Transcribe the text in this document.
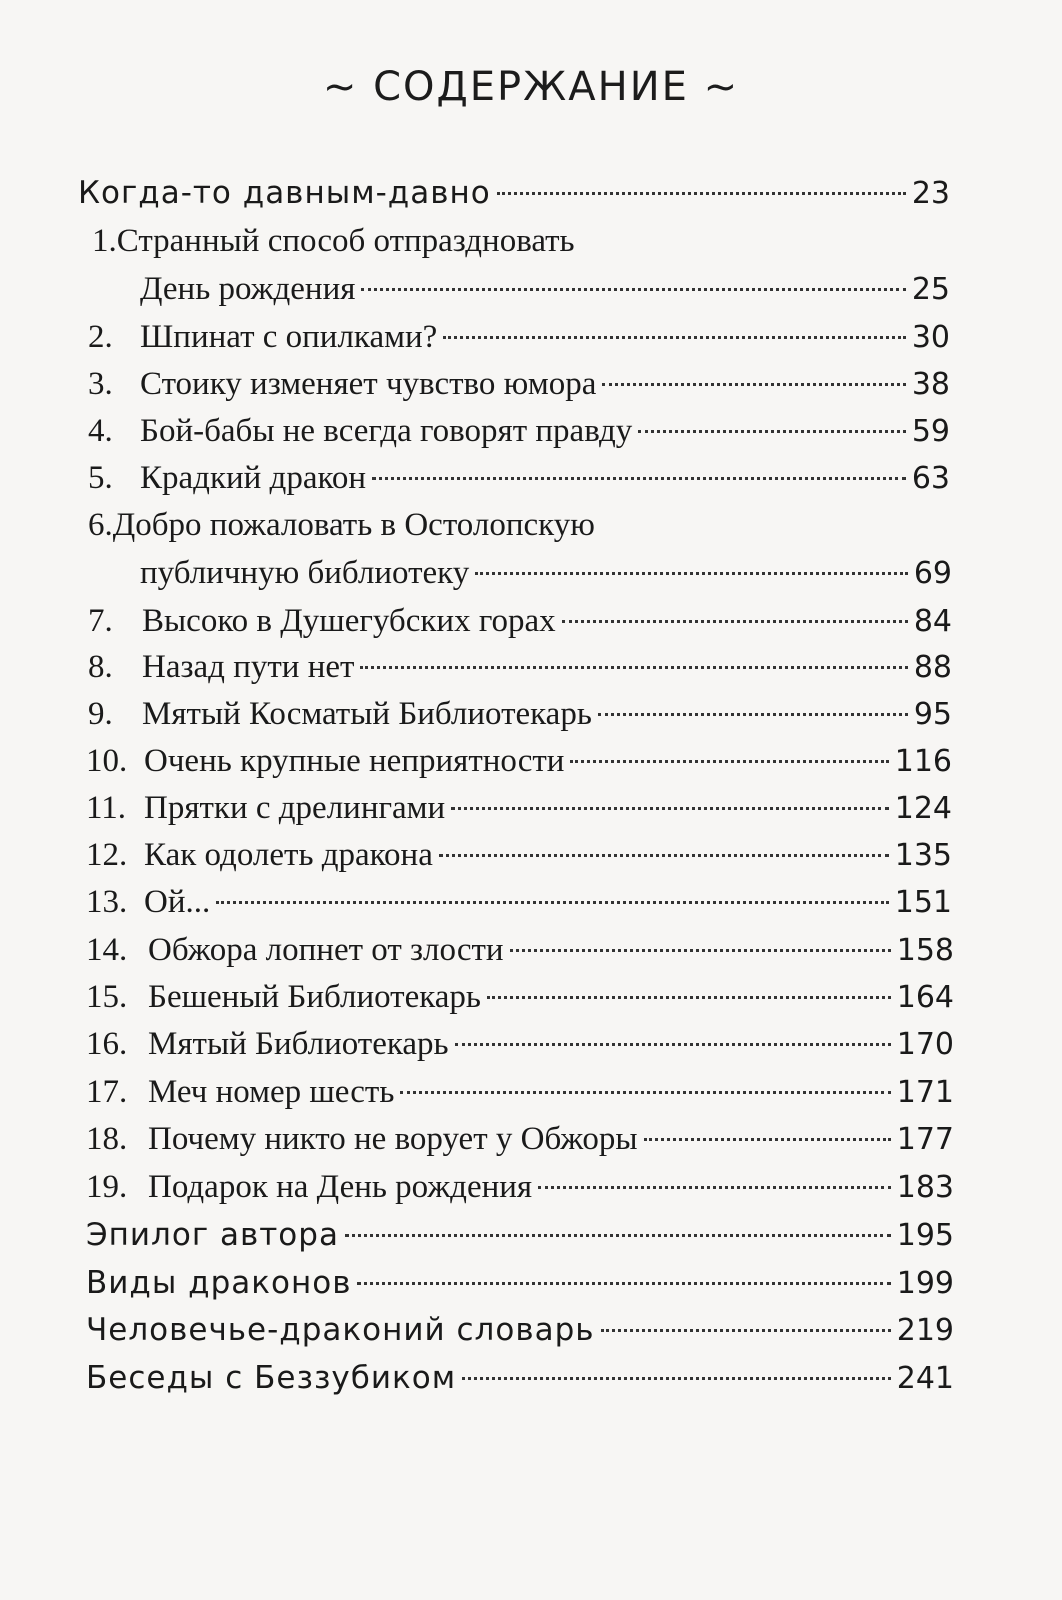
~ СОДЕРЖАНИЕ ~
Когда-то давным-давно	23
1.Странный способ отпраздновать
День рождения	25
2. Шпинат с опилками?	30
3. Стоику изменяет чувство юмора	38
4. Бой-бабы не всегда говорят правду	59
5. Крадкий дракон	63
6.Добро пожаловать в Остолопскую
публичную библиотеку	69
7. Высоко в Душегубских горах	84
8. Назад пути нет	88
9. Мятый Косматый Библиотекарь	95
10. Очень крупные неприятности	116
11. Прятки с дрелингами	124
12. Как одолеть дракона	135
13. Ой...	151
14. Обжора лопнет от злости	158
15. Бешеный Библиотекарь	164
16. Мятый Библиотекарь	170
17. Меч номер шесть	171
18. Почему никто не ворует у Обжоры	177
19. Подарок на День рождения	183
Эпилог автора	195
Виды драконов	199
Человечье-драконий словарь	219
Беседы с Беззубиком	241
